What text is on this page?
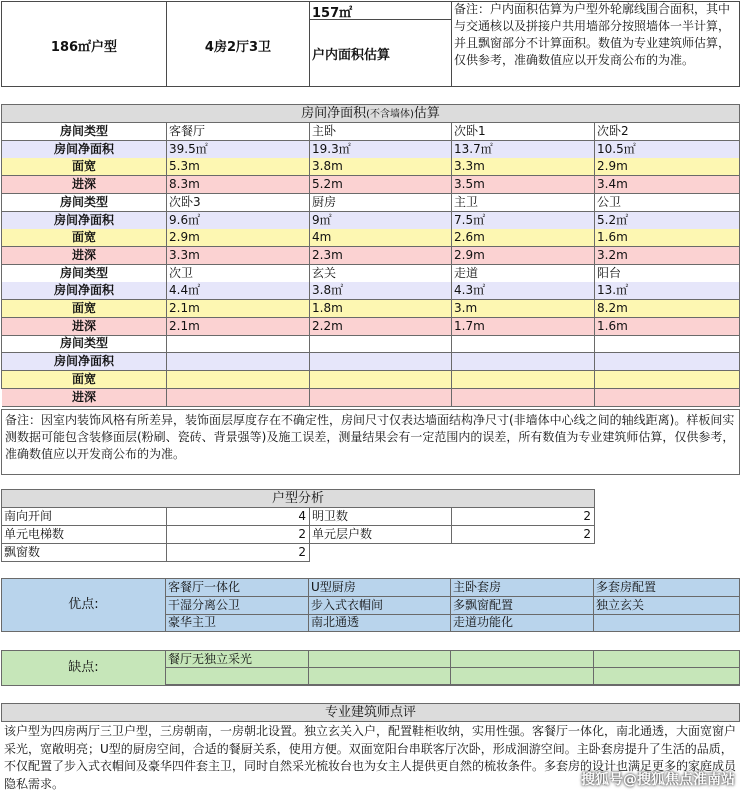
186㎡户型	4房2厅3卫
157㎡
户内面积估算
备注：户内面积估算为户型外轮廓线围合面积，其中与交通核以及拼接户共用墙部分按照墙体一半计算，并且飘窗部分不计算面积。数值为专业建筑师估算，仅供参考，准确数值应以开发商公布的为准。
房间净面积(不含墙体)估算
房间类型	客餐厅	主卧	次卧1	次卧2
房间净面积	39.5㎡	19.3㎡	13.7㎡	10.5㎡
面宽	5.3m	3.8m	3.3m	2.9m
进深	8.3m	5.2m	3.5m	3.4m
房间类型	次卧3	厨房	主卫	公卫
房间净面积	9.6㎡	9㎡	7.5㎡	5.2㎡
面宽	2.9m	4m	2.6m	1.6m
进深	3.3m	2.3m	2.9m	3.2m
房间类型	次卫	玄关	走道	阳台
房间净面积	4.4㎡	3.8㎡	4.3㎡	13.㎡
面宽	2.1m	1.8m	3.m	8.2m
进深	2.1m	2.2m	1.7m	1.6m
房间类型
房间净面积
面宽
进深
备注：因室内装饰风格有所差异，装饰面层厚度存在不确定性，房间尺寸仅表达墙面结构净尺寸(非墙体中心线之间的轴线距离)。样板间实测数据可能包含装修面层(粉刷、瓷砖、背景强等)及施工误差，测量结果会有一定范围内的误差，所有数值为专业建筑师估算，仅供参考，准确数值应以开发商公布的为准。
户型分析
南向开间	4 明卫数	2
单元电梯数	2 单元层户数	2
飘窗数	2
优点:
客餐厅一体化	U型厨房	主卧套房	多套房配置
干湿分离公卫	步入式衣帽间	多飘窗配置	独立玄关
豪华主卫	南北通透	走道功能化
缺点:
餐厅无独立采光
专业建筑师点评
该户型为四房两厅三卫户型，三房朝南，一房朝北设置。独立玄关入户，配置鞋柜收纳，实用性强。客餐厅一体化，南北通透，大面宽窗户采光，宽敞明亮；U型的厨房空间，合适的餐厨关系，使用方便。双面宽阳台串联客厅次卧，形成洄游空间。主卧套房提升了生活的品质，不仅配置了步入式衣帽间及豪华四件套主卫，同时自然采光梳妆台也为女主人提供更自然的梳妆条件。多套房的设计也满足更多的家庭成员隐私需求。	搜狐号@搜狐焦点淮南站
